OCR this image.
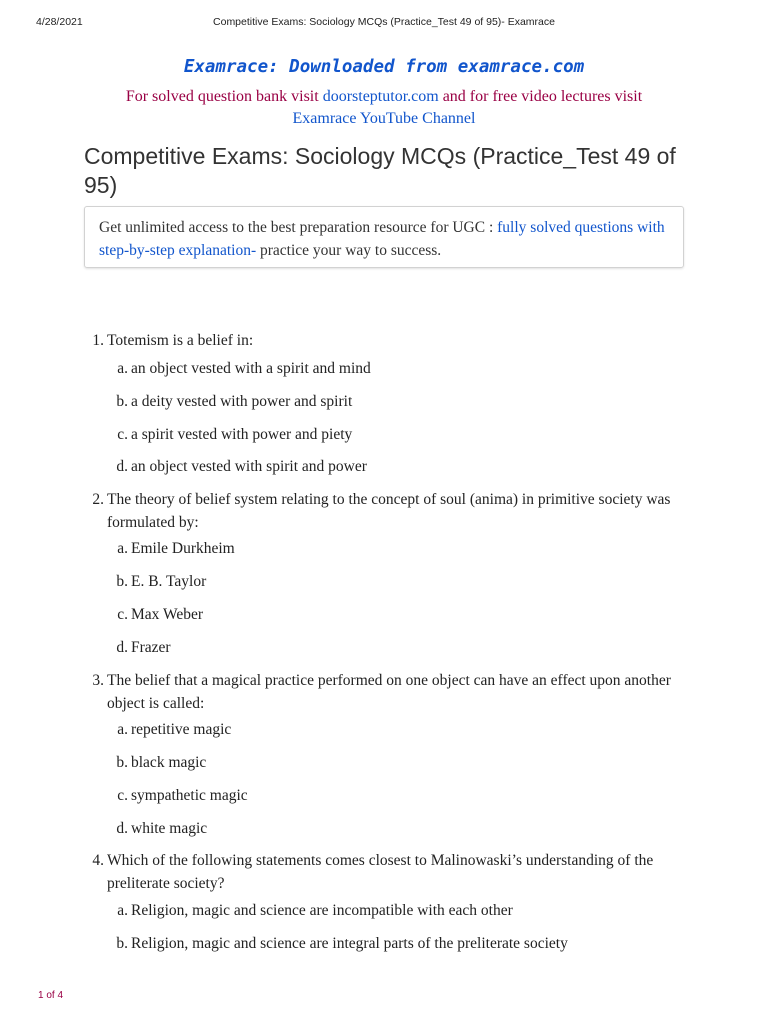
4/28/2021	Competitive Exams: Sociology MCQs (Practice_Test 49 of 95)- Examrace
Examrace: Downloaded from examrace.com
For solved question bank visit doorsteptutor.com and for free video lectures visit
Examrace YouTube Channel
Competitive Exams: Sociology MCQs (Practice_Test 49 of 95)
Get unlimited access to the best preparation resource for UGC : fully solved questions with step-by-step explanation- practice your way to success.
1. Totemism is a belief in:
a. an object vested with a spirit and mind
b. a deity vested with power and spirit
c. a spirit vested with power and piety
d. an object vested with spirit and power
2. The theory of belief system relating to the concept of soul (anima) in primitive society was formulated by:
a. Emile Durkheim
b. E. B. Taylor
c. Max Weber
d. Frazer
3. The belief that a magical practice performed on one object can have an effect upon another object is called:
a. repetitive magic
b. black magic
c. sympathetic magic
d. white magic
4. Which of the following statements comes closest to Malinowaski’s understanding of the preliterate society?
a. Religion, magic and science are incompatible with each other
b. Religion, magic and science are integral parts of the preliterate society
1 of 4
